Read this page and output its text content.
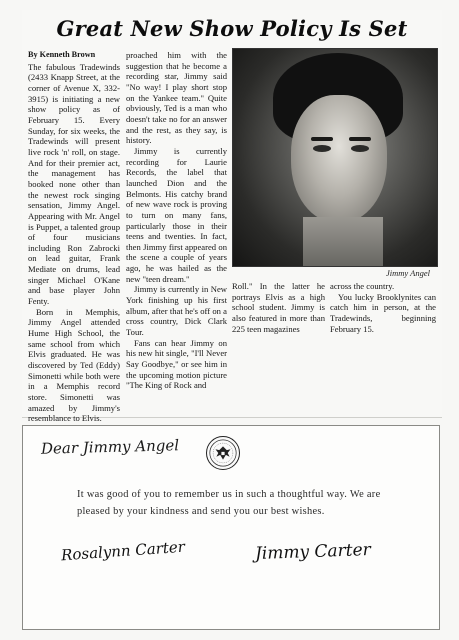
Great New Show Policy Is Set
By Kenneth Brown

The fabulous Tradewinds (2433 Knapp Street, at the corner of Avenue X, 332-3915) is initiating a new show policy as of February 15. Every Sunday, for six weeks, the Tradewinds will present live rock 'n' roll, on stage. And for their premier act, the management has booked none other than the newest rock singing sensation, Jimmy Angel. Appearing with Mr. Angel is Puppet, a talented group of four musicians including Ron Zabrocki on lead guitar, Frank Mediate on drums, lead singer Michael O'Kane and base player John Fenty.

Born in Memphis, Jimmy Angel attended Hume High School, the same school from which Elvis graduated. He was discovered by Ted (Eddy) Simonetti while both were in a Memphis record store. Simonetti was amazed by Jimmy's resemblance to Elvis.

proached him with the suggestion that he become a recording star, Jimmy said "No way! I play short stop on the Yankee team." Quite obviously, Ted is a man who doesn't take no for an answer and the rest, as they say, is history.

Jimmy is currently recording for Laurie Records, the label that launched Dion and the Belmonts. His catchy brand of new wave rock is proving to turn on many fans, particularly those in their teens and twenties. In fact, then Jimmy first appeared on the scene a couple of years ago, he was hailed as the new "teen dream."

Jimmy is currently in New York finishing up his first album, after that he's off on a cross country, Dick Clark Tour.

Fans can hear Jimmy on his new hit single, "I'll Never Say Goodbye," or see him in the upcoming motion picture "The King of Rock and

Jimmy Angel

Roll." In the latter he portrays Elvis as a high school student. Jimmy is also featured in more than 225 teen magazines

across the country.

You lucky Brooklynites can catch him in person, at the Tradewinds, beginning February 15.

Dear Jimmy Angel
It was good of you to remember us in such a thoughtful way. We are pleased by your kindness and send you our best wishes.
Rosalynn Carter	Jimmy Carter
